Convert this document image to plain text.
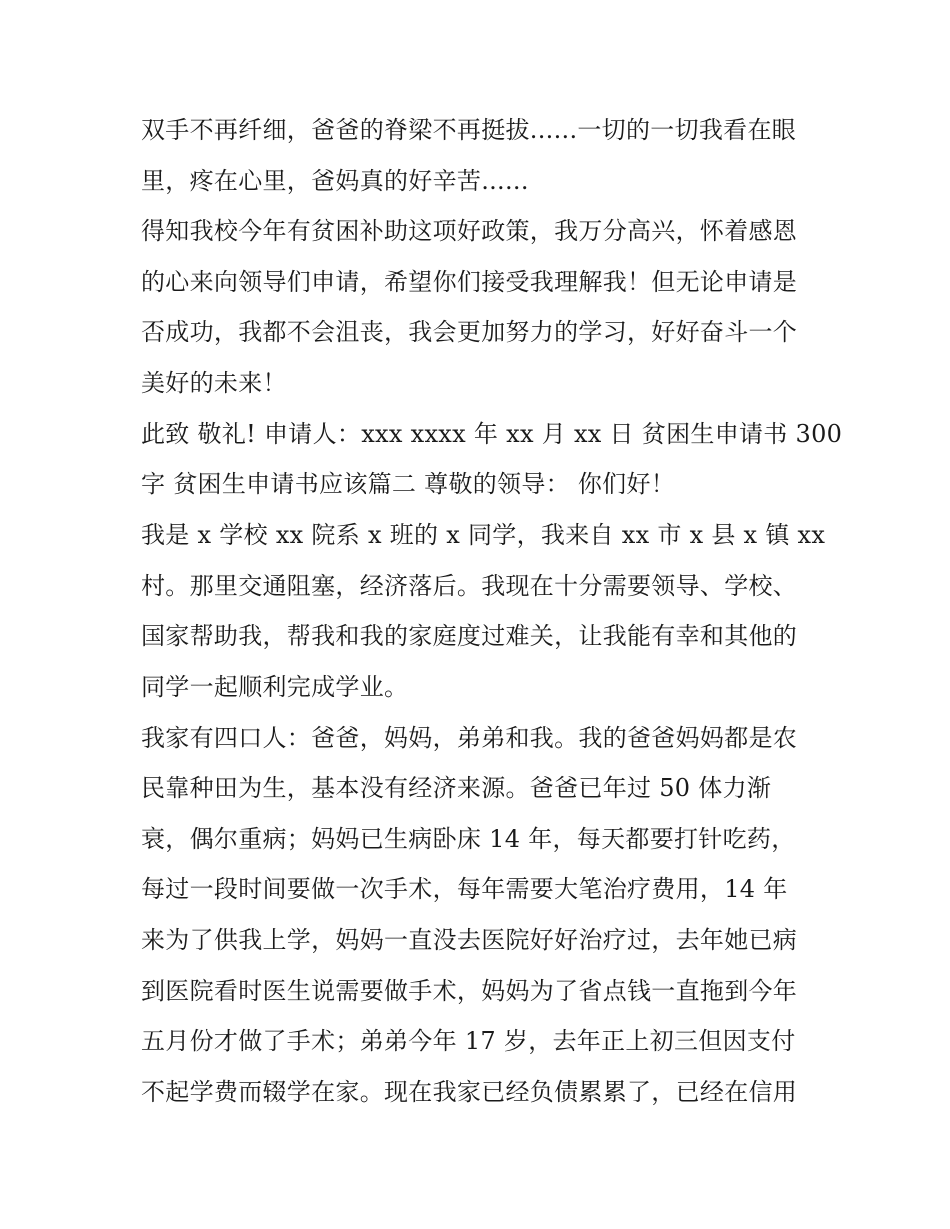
双手不再纤细，爸爸的脊梁不再挺拔......一切的一切我看在眼
里，疼在心里，爸妈真的好辛苦......
得知我校今年有贫困补助这项好政策，我万分高兴，怀着感恩
的心来向领导们申请，希望你们接受我理解我！但无论申请是
否成功，我都不会沮丧，我会更加努力的学习，好好奋斗一个
美好的未来！
此致 敬礼! 申请人：xxx xxxx 年 xx 月 xx 日 贫困生申请书 300
字 贫困生申请书应该篇二 尊敬的领导： 你们好！
我是 x 学校 xx 院系 x 班的 x 同学，我来自 xx 市 x 县 x 镇 xx
村。那里交通阻塞，经济落后。我现在十分需要领导、学校、
国家帮助我，帮我和我的家庭度过难关，让我能有幸和其他的
同学一起顺利完成学业。
我家有四口人：爸爸，妈妈，弟弟和我。我的爸爸妈妈都是农
民靠种田为生，基本没有经济来源。爸爸已年过 50 体力渐
衰，偶尔重病；妈妈已生病卧床 14 年，每天都要打针吃药，
每过一段时间要做一次手术，每年需要大笔治疗费用，14 年
来为了供我上学，妈妈一直没去医院好好治疗过，去年她已病
到医院看时医生说需要做手术，妈妈为了省点钱一直拖到今年
五月份才做了手术；弟弟今年 17 岁，去年正上初三但因支付
不起学费而辍学在家。现在我家已经负债累累了，已经在信用
